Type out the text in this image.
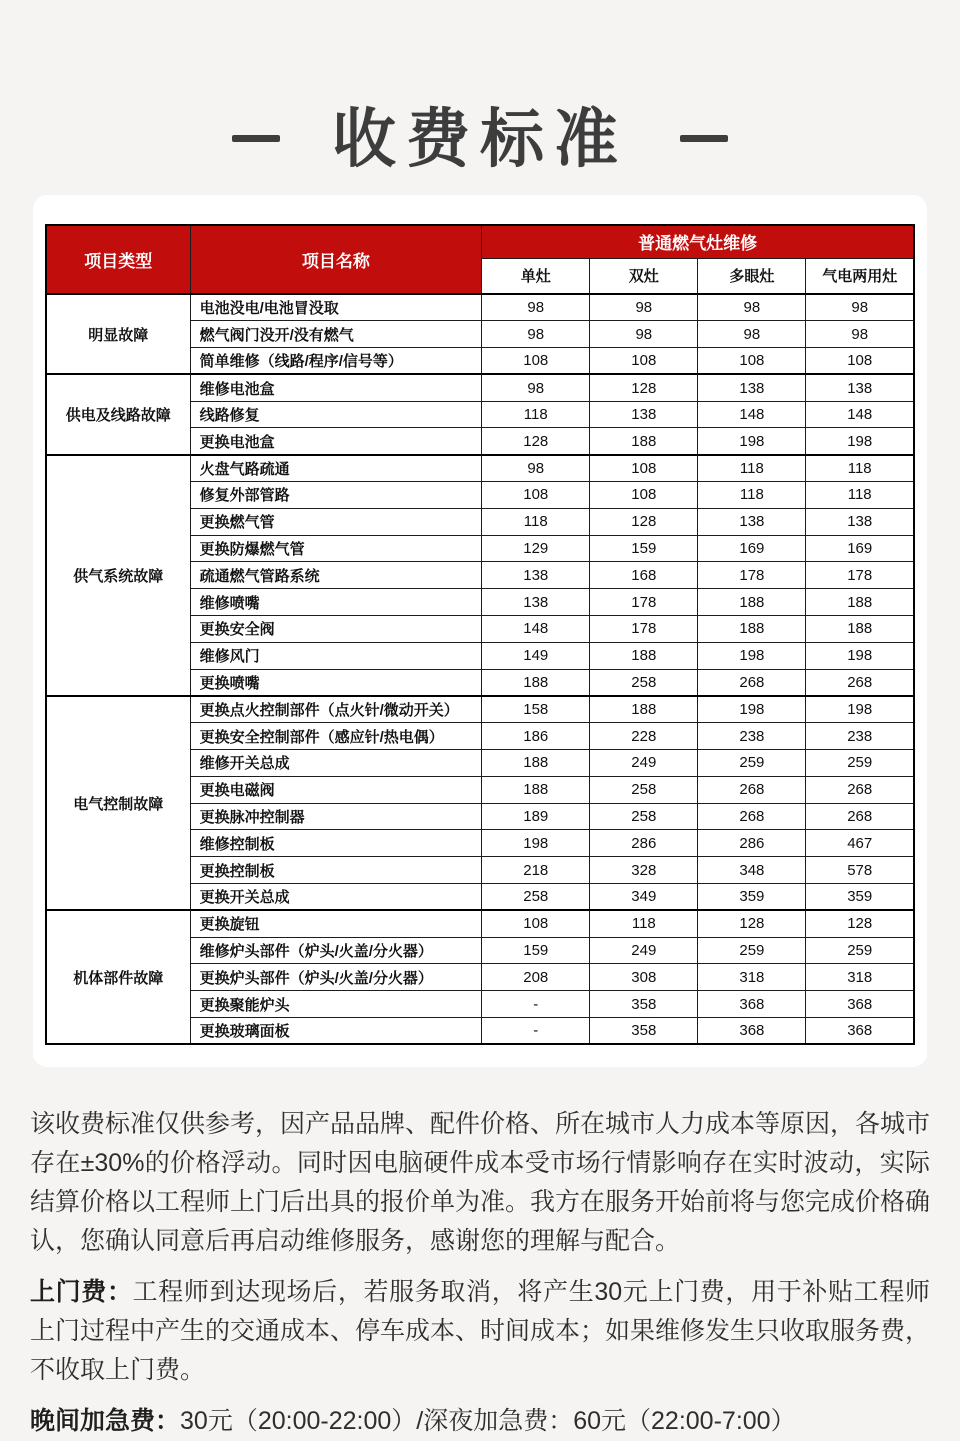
收费标准
项目类型	项目名称	普通燃气灶维修			
		单灶	双灶	多眼灶	气电两用灶
明显故障	电池没电/电池冒没取	98	98	98	98
	燃气阀门没开/没有燃气	98	98	98	98
	简单维修（线路/程序/信号等）	108	108	108	108
供电及线路故障	维修电池盒	98	128	138	138
	线路修复	118	138	148	148
	更换电池盒	128	188	198	198
供气系统故障	火盘气路疏通	98	108	118	118
	修复外部管路	108	108	118	118
	更换燃气管	118	128	138	138
	更换防爆燃气管	129	159	169	169
	疏通燃气管路系统	138	168	178	178
	维修喷嘴	138	178	188	188
	更换安全阀	148	178	188	188
	维修风门	149	188	198	198
	更换喷嘴	188	258	268	268
电气控制故障	更换点火控制部件（点火针/微动开关）	158	188	198	198
	更换安全控制部件（感应针/热电偶）	186	228	238	238
	维修开关总成	188	249	259	259
	更换电磁阀	188	258	268	268
	更换脉冲控制器	189	258	268	268
	维修控制板	198	286	286	467
	更换控制板	218	328	348	578
	更换开关总成	258	349	359	359
机体部件故障	更换旋钮	108	118	128	128
	维修炉头部件（炉头/火盖/分火器）	159	249	259	259
	更换炉头部件（炉头/火盖/分火器）	208	308	318	318
	更换聚能炉头	-	358	368	368
	更换玻璃面板	-	358	368	368

该收费标准仅供参考，因产品品牌、配件价格、所在城市人力成本等原因，各城市存在±30%的价格浮动。同时因电脑硬件成本受市场行情影响存在实时波动，实际结算价格以工程师上门后出具的报价单为准。我方在服务开始前将与您完成价格确认，您确认同意后再启动维修服务，感谢您的理解与配合。

上门费：工程师到达现场后，若服务取消，将产生30元上门费，用于补贴工程师上门过程中产生的交通成本、停车成本、时间成本；如果维修发生只收取服务费，不收取上门费。

晚间加急费：30元（20:00-22:00）/深夜加急费：60元（22:00-7:00）
